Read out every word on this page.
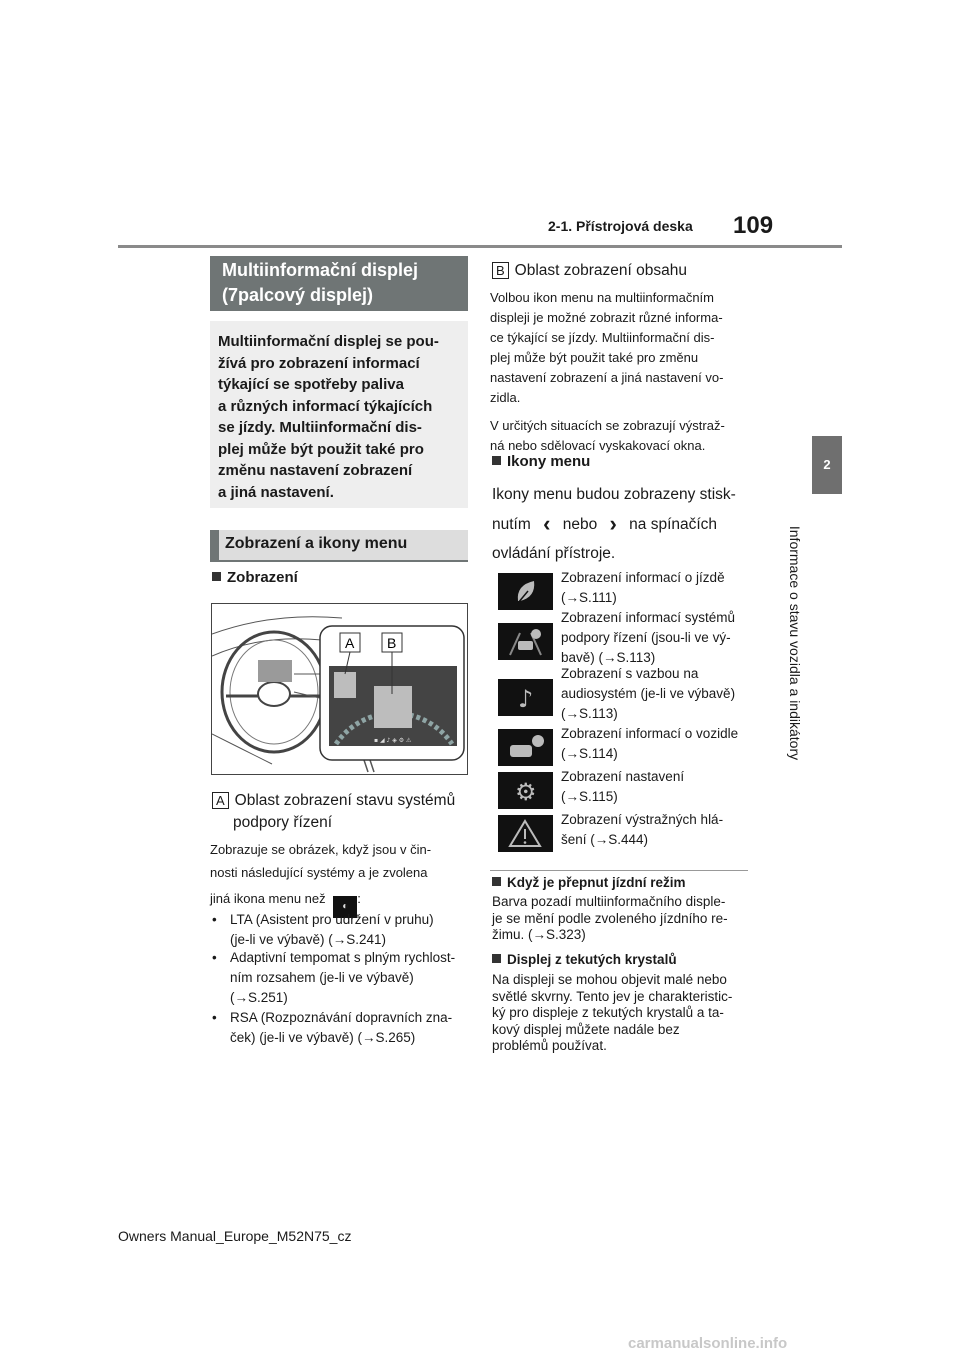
2-1. Přístrojová deska 109
2
Informace o stavu vozidla a indikátory
Multiinformační displej
(7palcový displej)
Multiinformační displej se pou-
žívá pro zobrazení informací
týkající se spotřeby paliva
a různých informací týkajících
se jízdy. Multiinformační dis-
plej může být použit také pro
změnu nastavení zobrazení
a jiná nastavení.
Zobrazení a ikony menu
Zobrazení
▪ ◢ ♪ ◈ ⚙ ⚠
A B
A Oblast zobrazení stavu systémů
podpory řízení
Zobrazuje se obrázek, když jsou v čin-
nosti následující systémy a je zvolena
jiná ikona menu než ◐:
• LTA (Asistent pro udržení v pruhu)
(je-li ve výbavě) (→S.241)
• Adaptivní tempomat s plným rychlost-
ním rozsahem (je-li ve výbavě)
(→S.251)
• RSA (Rozpoznávání dopravních zna-
ček) (je-li ve výbavě) (→S.265)
B Oblast zobrazení obsahu
Volbou ikon menu na multiinformačním
displeji je možné zobrazit různé informa-
ce týkající se jízdy. Multiinformační dis-
plej může být použit také pro změnu
nastavení zobrazení a jiná nastavení vo-
zidla.
V určitých situacích se zobrazují výstraž-
ná nebo sdělovací vyskakovací okna.
Ikony menu
Ikony menu budou zobrazeny stisk-
nutím ‹ nebo › na spínačích
ovládání přístroje.
Zobrazení informací o jízdě
(→S.111)
Zobrazení informací systémů
podpory řízení (jsou-li ve vý-
bavě) (→S.113)
♪
Zobrazení s vazbou na
audiosystém (je-li ve výbavě)
(→S.113)
Zobrazení informací o vozidle
(→S.114)
⚙
Zobrazení nastavení
(→S.115)
Zobrazení výstražných hlá-
šení (→S.444)
Když je přepnut jízdní režim
Barva pozadí multiinformačního disple-
je se mění podle zvoleného jízdního re-
žimu. (→S.323)
Displej z tekutých krystalů
Na displeji se mohou objevit malé nebo
světlé skvrny. Tento jev je charakteristic-
ký pro displeje z tekutých krystalů a ta-
kový displej můžete nadále bez
problémů používat.
Owners Manual_Europe_M52N75_cz
carmanualsonline.info
